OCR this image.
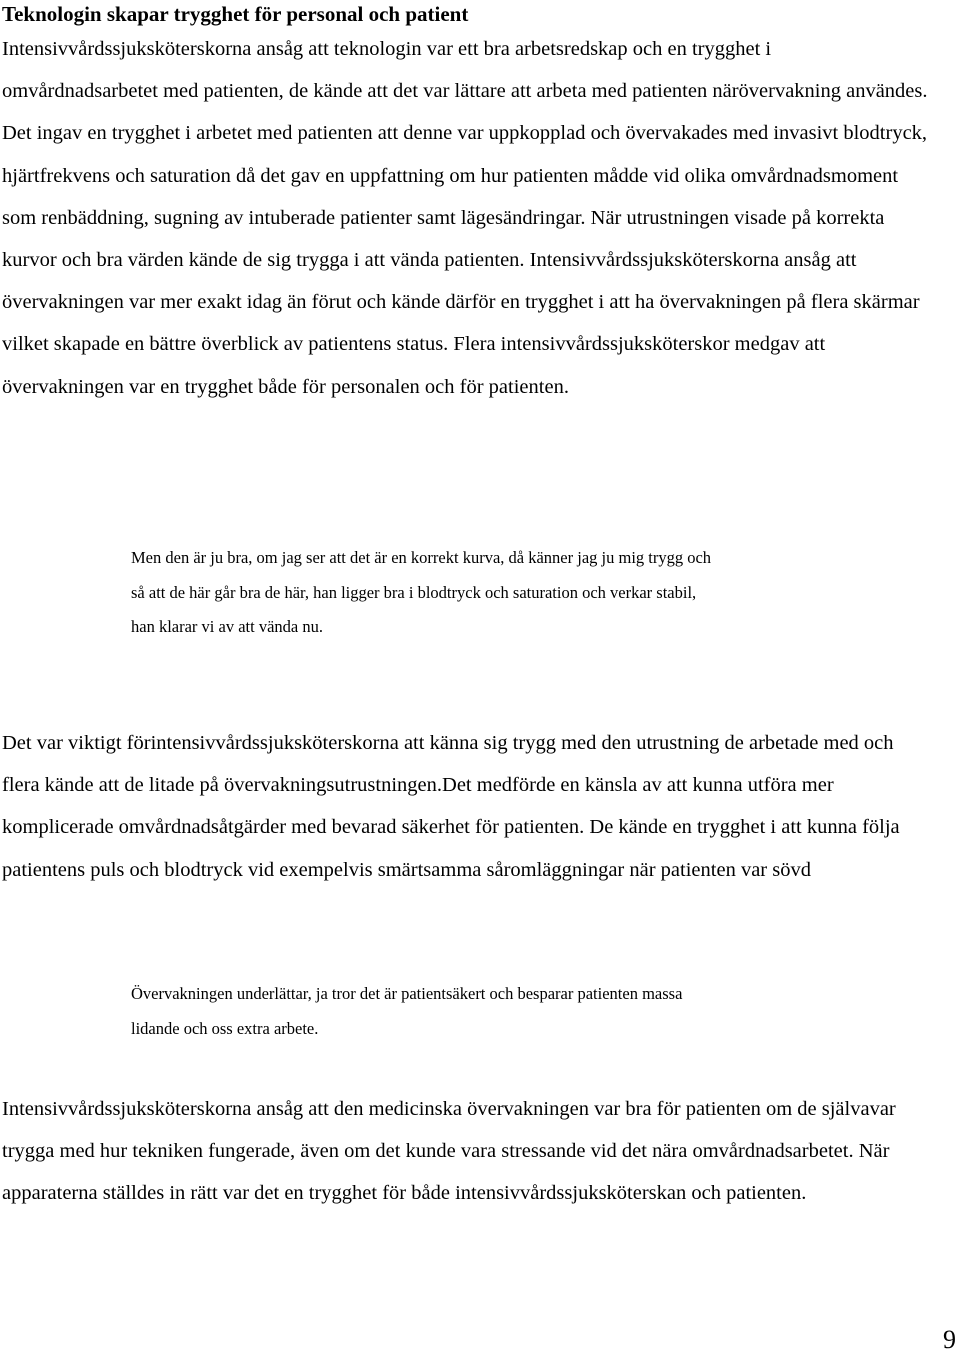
Teknologin skapar trygghet för personal och patient

Intensivvårdssjuksköterskorna ansåg att teknologin var ett bra arbetsredskap och en trygghet i omvårdnadsarbetet med patienten, de kände att det var lättare att arbeta med patienten närövervakning användes. Det ingav en trygghet i arbetet med patienten att denne var uppkopplad och övervakades med invasivt blodtryck, hjärtfrekvens och saturation då det gav en uppfattning om hur patienten mådde vid olika omvårdnadsmoment som renbäddning, sugning av intuberade patienter samt lägesändringar. När utrustningen visade på korrekta kurvor och bra värden kände de sig trygga i att vända patienten. Intensivvårdssjuksköterskorna ansåg att övervakningen var mer exakt idag än förut och kände därför en trygghet i att ha övervakningen på flera skärmar vilket skapade en bättre överblick av patientens status. Flera intensivvårdssjuksköterskor medgav att övervakningen var en trygghet både för personalen och för patienten.

Men den är ju bra, om jag ser att det är en korrekt kurva, då känner jag ju mig trygg och så att de här går bra de här, han ligger bra i blodtryck och saturation och verkar stabil, han klarar vi av att vända nu.

Det var viktigt förintensivvårdssjuksköterskorna att känna sig trygg med den utrustning de arbetade med och flera kände att de litade på övervakningsutrustningen.Det medförde en känsla av att kunna utföra mer komplicerade omvårdnadsåtgärder med bevarad säkerhet för patienten. De kände en trygghet i att kunna följa patientens puls och blodtryck vid exempelvis smärtsamma såromläggningar när patienten var sövd

Övervakningen underlättar, ja tror det är patientsäkert och besparar patienten massa lidande och oss extra arbete.

Intensivvårdssjuksköterskorna ansåg att den medicinska övervakningen var bra för patienten om de självavar trygga med hur tekniken fungerade, även om det kunde vara stressande vid det nära omvårdnadsarbetet. När apparaterna ställdes in rätt var det en trygghet för både intensivvårdssjuksköterskan och patienten.

9
